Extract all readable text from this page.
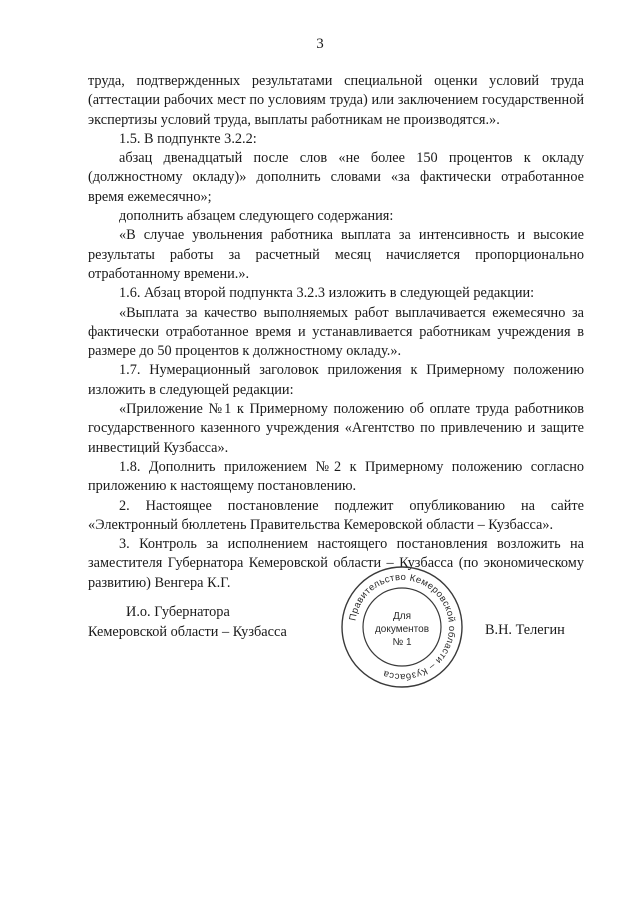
3

труда, подтвержденных результатами специальной оценки условий труда (аттестации рабочих мест по условиям труда) или заключением государственной экспертизы условий труда, выплаты работникам не производятся.».

1.5. В подпункте 3.2.2:

абзац двенадцатый после слов «не более 150 процентов к окладу (должностному окладу)» дополнить словами «за фактически отработанное время ежемесячно»;

дополнить абзацем следующего содержания:

«В случае увольнения работника выплата за интенсивность и высокие результаты работы за расчетный месяц начисляется пропорционально отработанному времени.».

1.6. Абзац второй подпункта 3.2.3 изложить в следующей редакции:

«Выплата за качество выполняемых работ выплачивается ежемесячно за фактически отработанное время и устанавливается работникам учреждения в размере до 50 процентов к должностному окладу.».

1.7. Нумерационный заголовок приложения к Примерному положению изложить в следующей редакции:

«Приложение №1 к Примерному положению об оплате труда работников государственного казенного учреждения «Агентство по привлечению и защите инвестиций Кузбасса».

1.8. Дополнить приложением №2 к Примерному положению согласно приложению к настоящему постановлению.

2. Настоящее постановление подлежит опубликованию на сайте «Электронный бюллетень Правительства Кемеровской области – Кузбасса».

3. Контроль за исполнением настоящего постановления возложить на заместителя Губернатора Кемеровской области – Кузбасса (по экономическому развитию) Венгера К.Г.

И.о. Губернатора
Кемеровской области – Кузбасса	В.Н. Телегин
Правительство Кемеровской области – Кузбасса
Для
документов
№ 1
